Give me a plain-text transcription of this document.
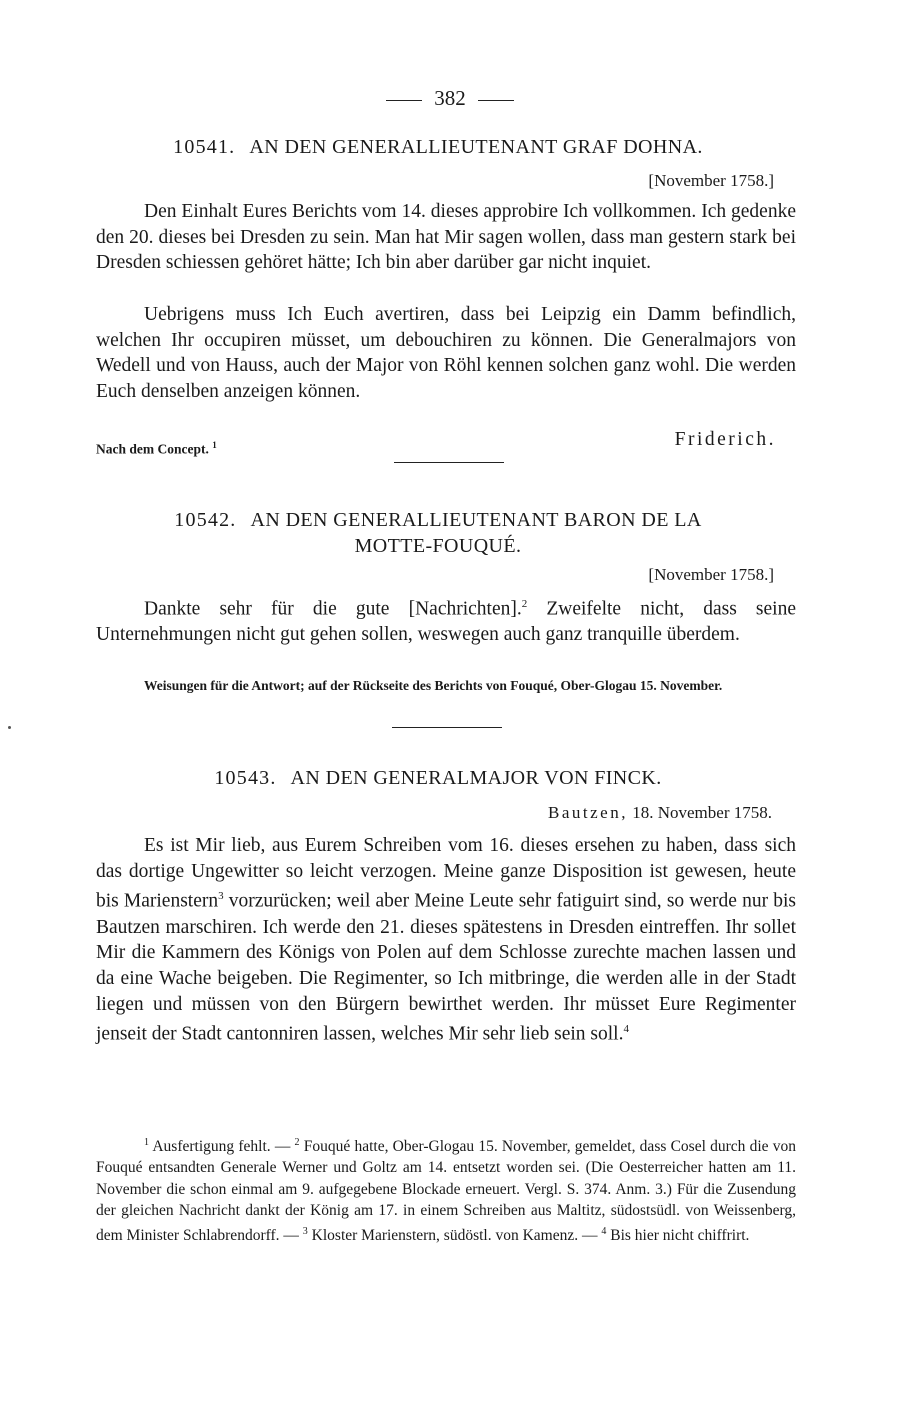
382
10541. AN DEN GENERALLIEUTENANT GRAF DOHNA.
[November 1758.]

Den Einhalt Eures Berichts vom 14. dieses approbire Ich vollkommen. Ich gedenke den 20. dieses bei Dresden zu sein. Man hat Mir sagen wollen, dass man gestern stark bei Dresden schiessen gehöret hätte; Ich bin aber darüber gar nicht inquiet.

Uebrigens muss Ich Euch avertiren, dass bei Leipzig ein Damm befindlich, welchen Ihr occupiren müsset, um debouchiren zu können. Die Generalmajors von Wedell und von Hauss, auch der Major von Röhl kennen solchen ganz wohl. Die werden Euch denselben anzeigen können.

Nach dem Concept. $^1$	Friderich.
10542. AN DEN GENERALLIEUTENANT BARON DE LA
MOTTE-FOUQUÉ.
[November 1758.]

Dankte sehr für die gute [Nachrichten].$^2$ Zweifelte nicht, dass seine Unternehmungen nicht gut gehen sollen, weswegen auch ganz tranquille überdem.

Weisungen für die Antwort; auf der Rückseite des Berichts von Fouqué, Ober-Glogau 15. November.
10543. AN DEN GENERALMAJOR VON FINCK.
Bautzen, 18. November 1758.

Es ist Mir lieb, aus Eurem Schreiben vom 16. dieses ersehen zu haben, dass sich das dortige Ungewitter so leicht verzogen. Meine ganze Disposition ist gewesen, heute bis Marienstern$^3$ vorzurücken; weil aber Meine Leute sehr fatiguirt sind, so werde nur bis Bautzen marschiren. Ich werde den 21. dieses spätestens in Dresden eintreffen. Ihr sollet Mir die Kammern des Königs von Polen auf dem Schlosse zurechte machen lassen und da eine Wache beigeben. Die Regimenter, so Ich mitbringe, die werden alle in der Stadt liegen und müssen von den Bürgern bewirthet werden. Ihr müsset Eure Regimenter jenseit der Stadt cantonniren lassen, welches Mir sehr lieb sein soll.$^4$

$^1$ Ausfertigung fehlt. — $^2$ Fouqué hatte, Ober-Glogau 15. November, gemeldet, dass Cosel durch die von Fouqué entsandten Generale Werner und Goltz am 14. entsetzt worden sei. (Die Oesterreicher hatten am 11. November die schon einmal am 9. aufgegebene Blockade erneuert. Vergl. S. 374. Anm. 3.) Für die Zusendung der gleichen Nachricht dankt der König am 17. in einem Schreiben aus Maltitz, südostsüdl. von Weissenberg, dem Minister Schlabrendorff. — $^3$ Kloster Marienstern, südöstl. von Kamenz. — $^4$ Bis hier nicht chiffrirt.
